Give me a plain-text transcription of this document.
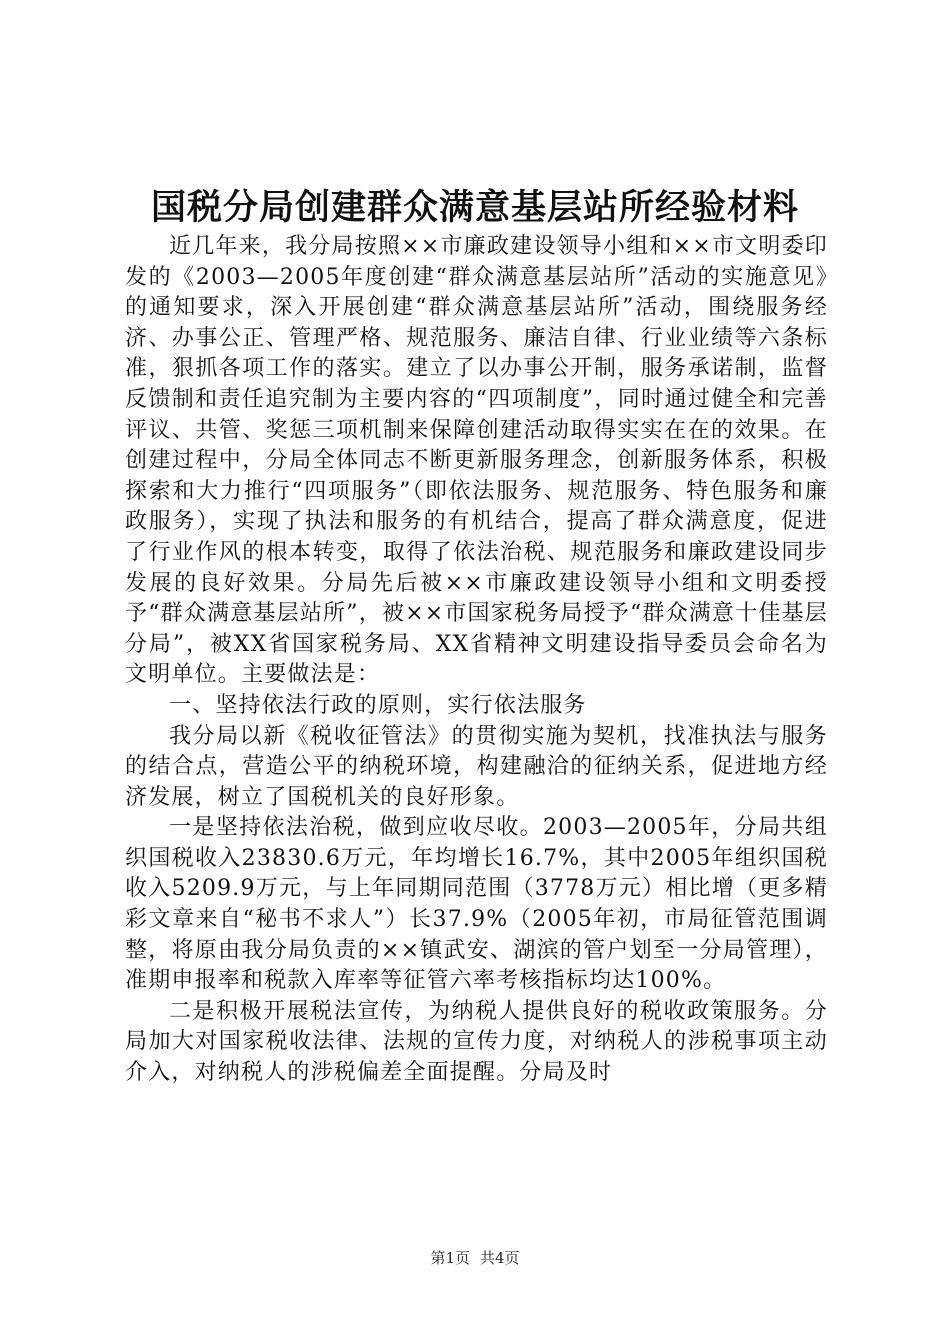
国税分局创建群众满意基层站所经验材料

近几年来，我分局按照××市廉政建设领导小组和××市文明委印发的《2003—2005年度创建“群众满意基层站所”活动的实施意见》的通知要求，深入开展创建“群众满意基层站所”活动，围绕服务经济、办事公正、管理严格、规范服务、廉洁自律、行业业绩等六条标准，狠抓各项工作的落实。建立了以办事公开制，服务承诺制，监督反馈制和责任追究制为主要内容的“四项制度”，同时通过健全和完善评议、共管、奖惩三项机制来保障创建活动取得实实在在的效果。在创建过程中，分局全体同志不断更新服务理念，创新服务体系，积极探索和大力推行“四项服务”（即依法服务、规范服务、特色服务和廉政服务），实现了执法和服务的有机结合，提高了群众满意度，促进了行业作风的根本转变，取得了依法治税、规范服务和廉政建设同步发展的良好效果。分局先后被××市廉政建设领导小组和文明委授予“群众满意基层站所”，被××市国家税务局授予“群众满意十佳基层分局”，被XX省国家税务局、XX省精神文明建设指导委员会命名为文明单位。主要做法是：

一、坚持依法行政的原则，实行依法服务

我分局以新《税收征管法》的贯彻实施为契机，找准执法与服务的结合点，营造公平的纳税环境，构建融洽的征纳关系，促进地方经济发展，树立了国税机关的良好形象。

一是坚持依法治税，做到应收尽收。2003—2005年，分局共组织国税收入23830.6万元，年均增长16.7%，其中2005年组织国税收入5209.9万元，与上年同期同范围（3778万元）相比增（更多精彩文章来自“秘书不求人”）长37.9%（2005年初，市局征管范围调整，将原由我分局负责的××镇武安、湖滨的管户划至一分局管理），准期申报率和税款入库率等征管六率考核指标均达100%。

二是积极开展税法宣传，为纳税人提供良好的税收政策服务。分局加大对国家税收法律、法规的宣传力度，对纳税人的涉税事项主动介入，对纳税人的涉税偏差全面提醒。分局及时

第1页 共4页
